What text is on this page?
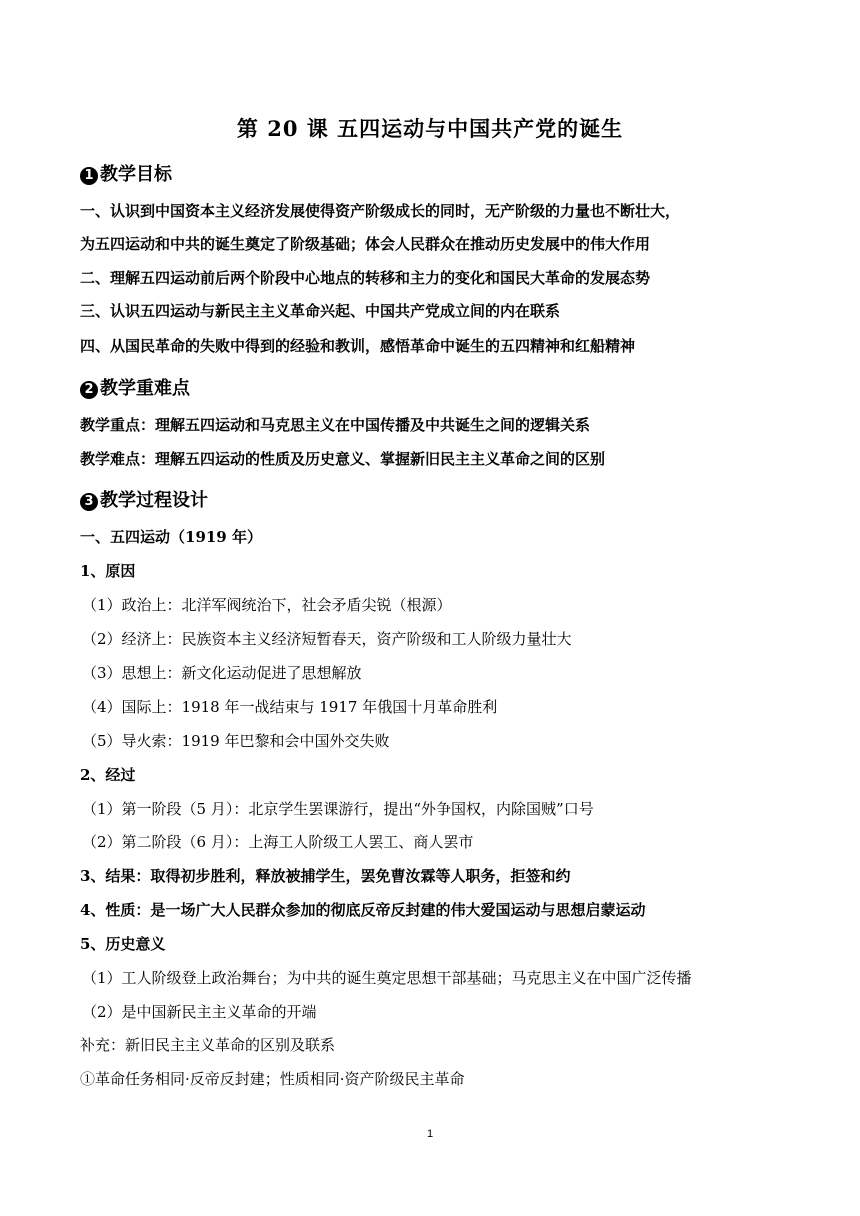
第 20 课 五四运动与中国共产党的诞生
1 教学目标
一、认识到中国资本主义经济发展使得资产阶级成长的同时，无产阶级的力量也不断壮大，
为五四运动和中共的诞生奠定了阶级基础；体会人民群众在推动历史发展中的伟大作用
二、理解五四运动前后两个阶段中心地点的转移和主力的变化和国民大革命的发展态势
三、认识五四运动与新民主主义革命兴起、中国共产党成立间的内在联系
四、从国民革命的失败中得到的经验和教训，感悟革命中诞生的五四精神和红船精神
2 教学重难点
教学重点：理解五四运动和马克思主义在中国传播及中共诞生之间的逻辑关系
教学难点：理解五四运动的性质及历史意义、掌握新旧民主主义革命之间的区别
3 教学过程设计
一、五四运动（1919 年）
1、原因
（1）政治上：北洋军阀统治下，社会矛盾尖锐（根源）
（2）经济上：民族资本主义经济短暂春天，资产阶级和工人阶级力量壮大
（3）思想上：新文化运动促进了思想解放
（4）国际上：1918 年一战结束与 1917 年俄国十月革命胜利
（5）导火索：1919 年巴黎和会中国外交失败
2、经过
（1）第一阶段（5 月）：北京学生罢课游行，提出“外争国权，内除国贼”口号
（2）第二阶段（6 月）：上海工人阶级工人罢工、商人罢市
3、结果：取得初步胜利，释放被捕学生，罢免曹汝霖等人职务，拒签和约
4、性质：是一场广大人民群众参加的彻底反帝反封建的伟大爱国运动与思想启蒙运动
5、历史意义
（1）工人阶级登上政治舞台；为中共的诞生奠定思想干部基础；马克思主义在中国广泛传播
（2）是中国新民主主义革命的开端
补充：新旧民主主义革命的区别及联系
①革命任务相同·反帝反封建；性质相同·资产阶级民主革命
1
